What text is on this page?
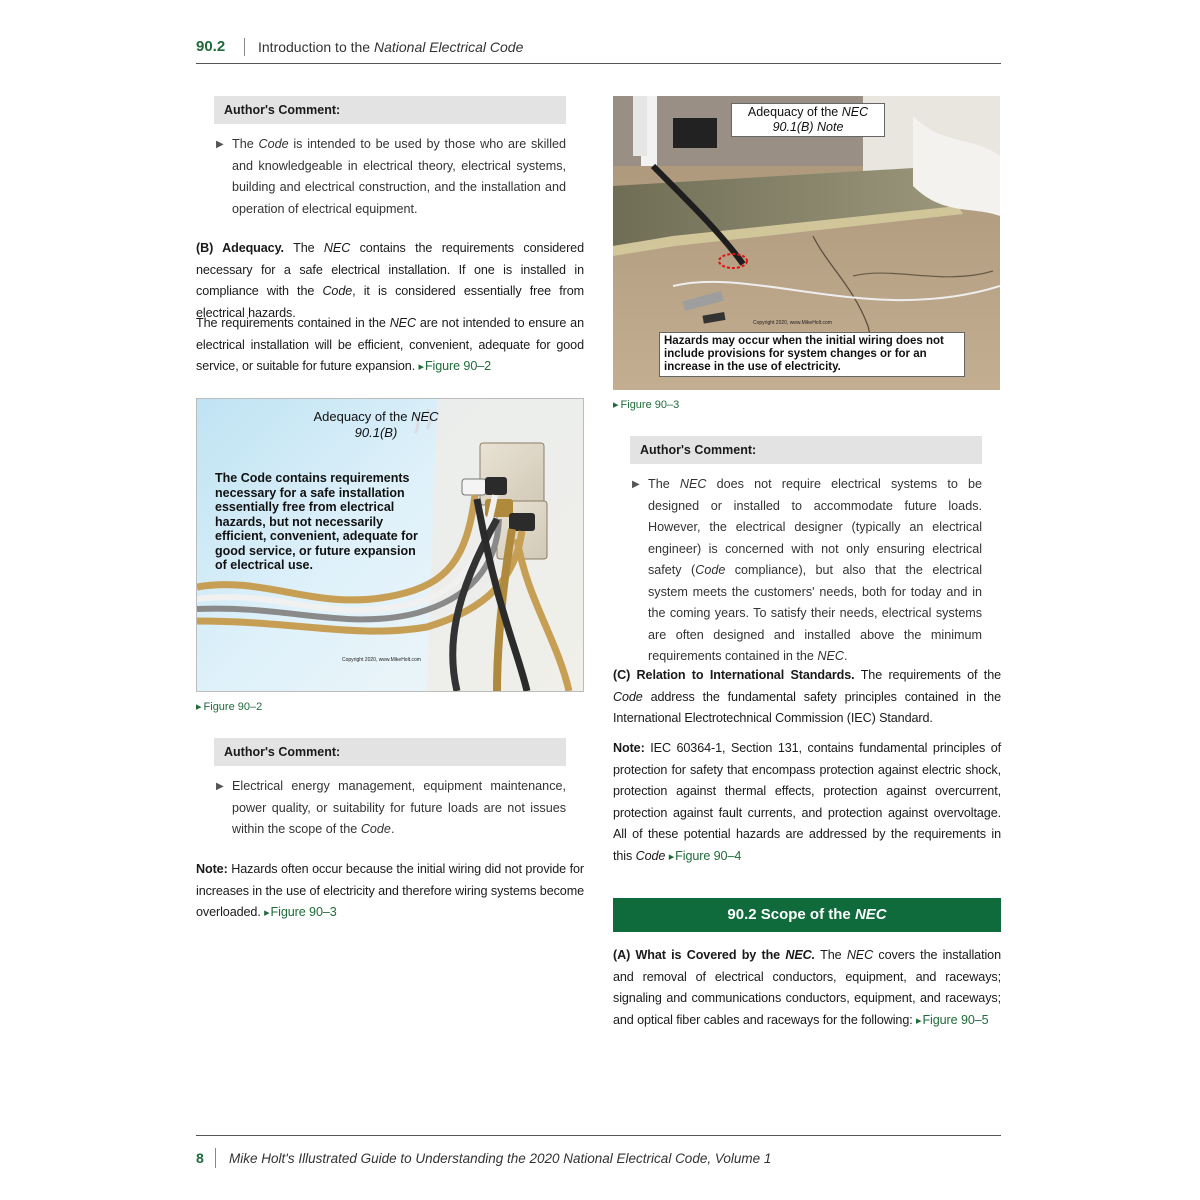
90.2 Introduction to the National Electrical Code
Author's Comment:
▶ The Code is intended to be used by those who are skilled and knowledgeable in electrical theory, electrical systems, building and electrical construction, and the installation and operation of electrical equipment.
(B) Adequacy. The NEC contains the requirements considered necessary for a safe electrical installation. If one is installed in compliance with the Code, it is considered essentially free from electrical hazards.
The requirements contained in the NEC are not intended to ensure an electrical installation will be efficient, convenient, adequate for good service, or suitable for future expansion. ▸ Figure 90–2
Adequacy of the NEC
90.1(B)
The Code contains requirements necessary for a safe installation essentially free from electrical hazards, but not necessarily efficient, convenient, adequate for good service, or future expansion of electrical use.
Copyright 2020, www.MikeHolt.com
▸ Figure 90–2
Author's Comment:
▶ Electrical energy management, equipment maintenance, power quality, or suitability for future loads are not issues within the scope of the Code.
Note: Hazards often occur because the initial wiring did not provide for increases in the use of electricity and therefore wiring systems become overloaded. ▸ Figure 90–3
Adequacy of the NEC
90.1(B) Note
Copyright 2020, www.MikeHolt.com
Hazards may occur when the initial wiring does not include provisions for system changes or for an increase in the use of electricity.
▸ Figure 90–3
Author's Comment:
▶ The NEC does not require electrical systems to be designed or installed to accommodate future loads. However, the electrical designer (typically an electrical engineer) is concerned with not only ensuring electrical safety (Code compliance), but also that the electrical system meets the customers' needs, both for today and in the coming years. To satisfy their needs, electrical systems are often designed and installed above the minimum requirements contained in the NEC.
(C) Relation to International Standards. The requirements of the Code address the fundamental safety principles contained in the International Electrotechnical Commission (IEC) Standard.
Note: IEC 60364-1, Section 131, contains fundamental principles of protection for safety that encompass protection against electric shock, protection against thermal effects, protection against overcurrent, protection against fault currents, and protection against overvoltage. All of these potential hazards are addressed by the requirements in this Code ▸ Figure 90–4
90.2 Scope of the NEC
(A) What is Covered by the NEC. The NEC covers the installation and removal of electrical conductors, equipment, and raceways; signaling and communications conductors, equipment, and raceways; and optical fiber cables and raceways for the following: ▸ Figure 90–5
8 Mike Holt's Illustrated Guide to Understanding the 2020 National Electrical Code, Volume 1
